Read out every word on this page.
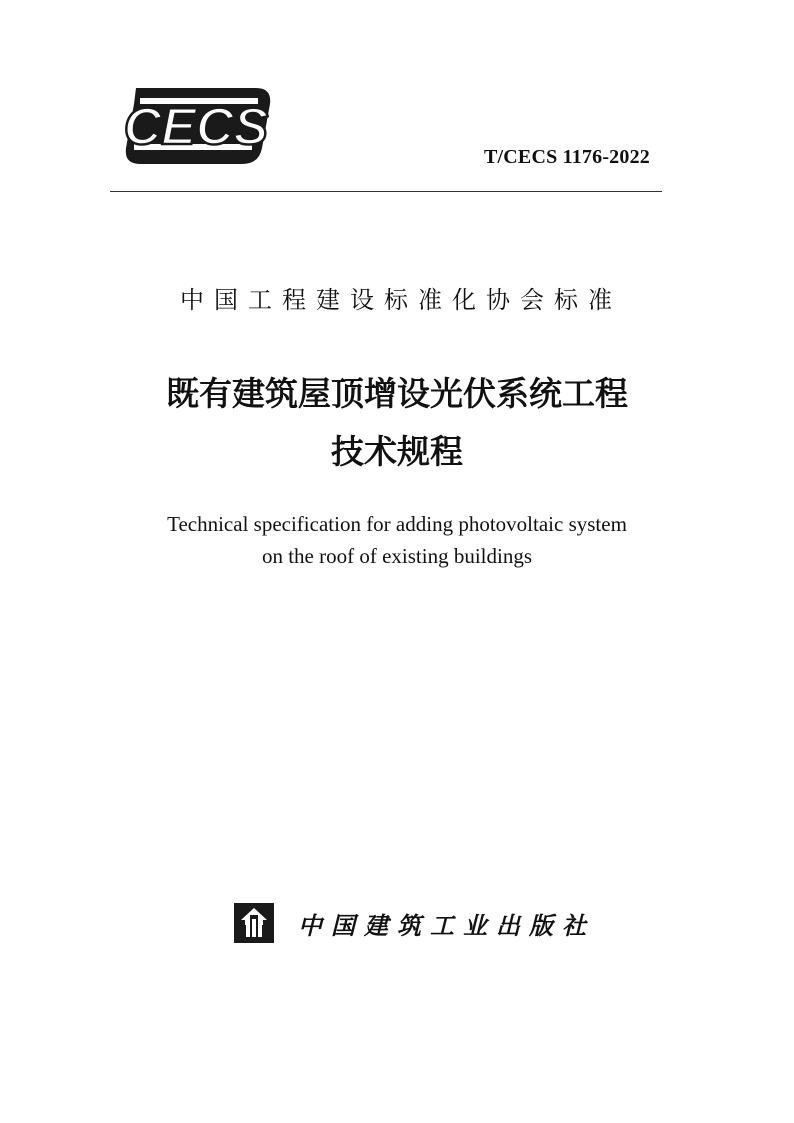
CECS
T/CECS 1176-2022
中国工程建设标准化协会标准
既有建筑屋顶增设光伏系统工程
技术规程
Technical specification for adding photovoltaic system
on the roof of existing buildings
中国建筑工业出版社
